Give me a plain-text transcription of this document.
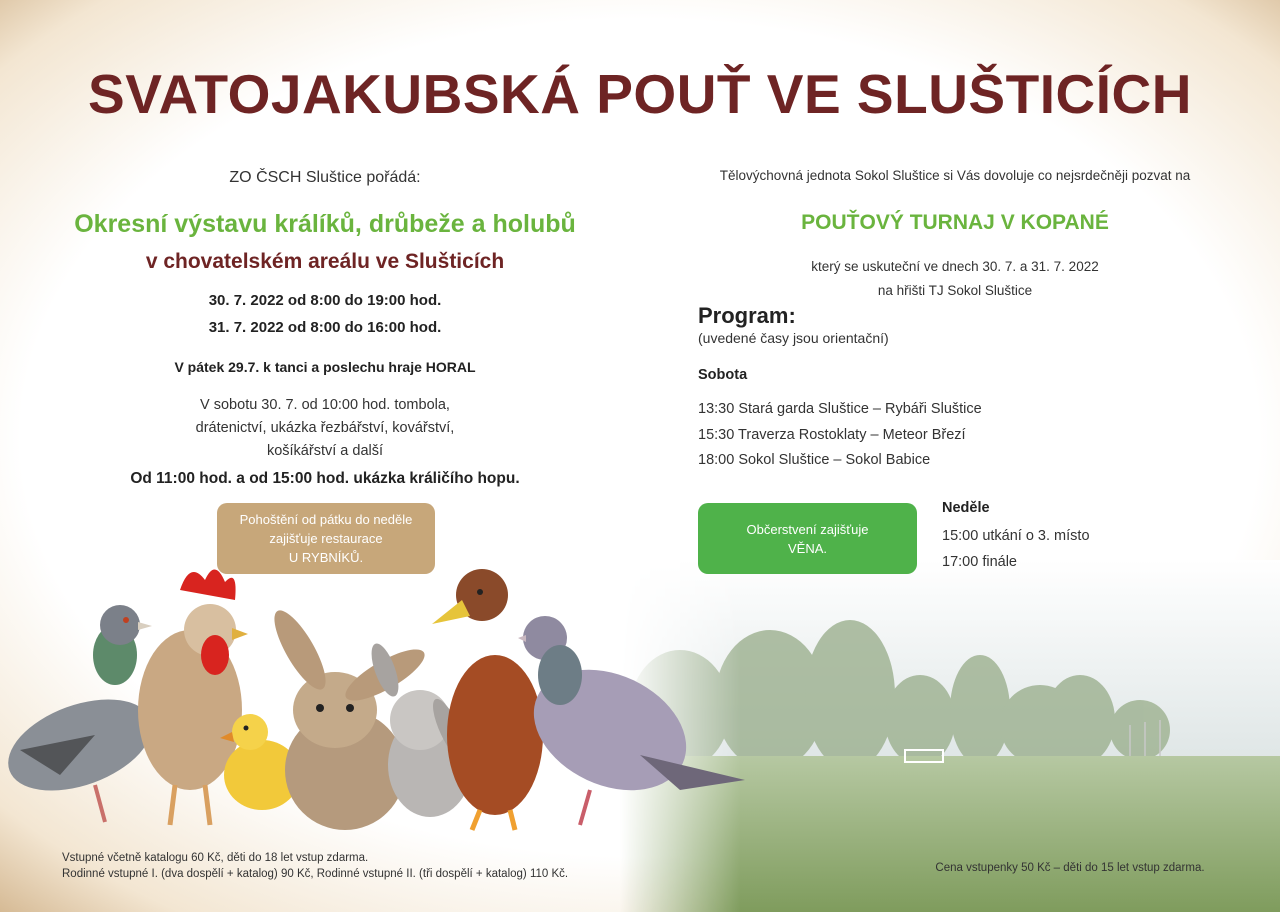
SVATOJAKUBSKÁ POUŤ VE SLUŠTICÍCH
ZO ČSCH Sluštice pořádá:
Okresní výstavu králíků, drůbeže a holubů
v chovatelském areálu ve Slušticích
30. 7. 2022 od 8:00 do 19:00 hod.
31. 7. 2022 od 8:00 do 16:00 hod.
V pátek 29.7. k tanci a poslechu hraje HORAL
V sobotu 30. 7. od 10:00 hod. tombola,
drátenictví, ukázka řezbářství, kovářství,
košíkářství a další
Od 11:00 hod. a od 15:00 hod. ukázka králičího hopu.
Pohoštění od pátku do neděle
zajišťuje restaurace
U RYBNÍKŮ.
Vstupné včetně katalogu 60 Kč, děti do 18 let vstup zdarma.
Rodinné vstupné I. (dva dospělí + katalog) 90 Kč, Rodinné vstupné II. (tři dospělí + katalog) 110 Kč.
Tělovýchovná jednota Sokol Sluštice si Vás dovoluje co nejsrdečněji pozvat na
POUŤOVÝ TURNAJ V KOPANÉ
který se uskuteční ve dnech 30. 7. a 31. 7. 2022
na hřišti TJ Sokol Sluštice
Program:
(uvedené časy jsou orientační)
Sobota
13:30 Stará garda Sluštice – Rybáři Sluštice
15:30 Traverza Rostoklaty – Meteor Březí
18:00 Sokol Sluštice – Sokol Babice
Občerstvení zajišťuje
VĚNA.
Neděle
15:00 utkání o 3. místo
17:00 finále
Cena vstupenky 50 Kč – děti do 15 let vstup zdarma.
